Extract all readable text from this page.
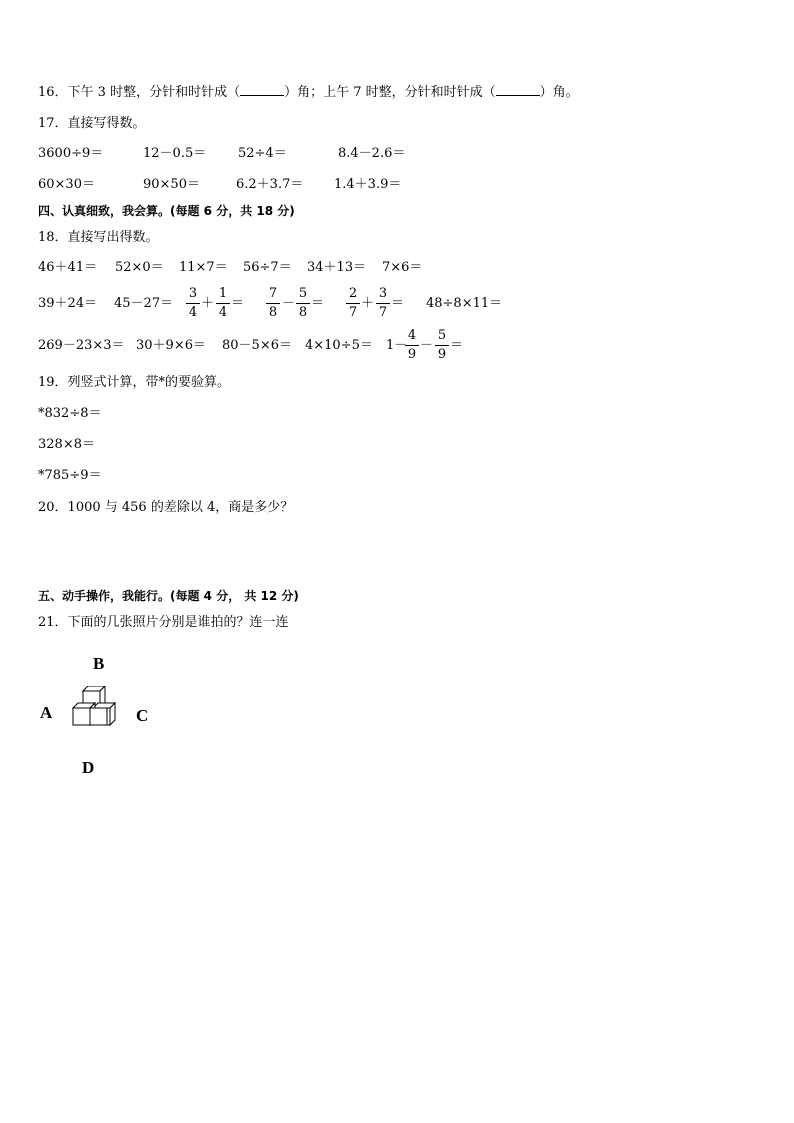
16．下午 3 时整，分针和时针成（	）角；上午 7 时整，分针和时针成（	）角。
17．直接写得数。
3600÷9＝	12－0.5＝ 52÷4＝	8.4－2.6＝
60×30＝	90×50＝	6.2＋3.7＝ 1.4＋3.9＝
四、认真细致，我会算。(每题 6 分，共 18 分)
18．直接写出得数。
46＋41＝ 52×0＝ 11×7＝ 56÷7＝ 34＋13＝ 7×6＝
39＋24＝ 45－27＝
3
4
＋
1
4
＝
7
8
－
5
8
＝
2
7
＋
3
7
＝ 48÷8×11＝
269－23×3＝ 30＋9×6＝ 80－5×6＝ 4×10÷5＝ 1－
4
9
－
5
9
＝
19．列竖式计算，带*的要验算。
*832÷8＝
328×8＝
*785÷9＝
20．1000 与 456 的差除以 4，商是多少？
五、动手操作，我能行。(每题 4 分， 共 12 分)
21．下面的几张照片分别是谁拍的？连一连
B
A	C
D
